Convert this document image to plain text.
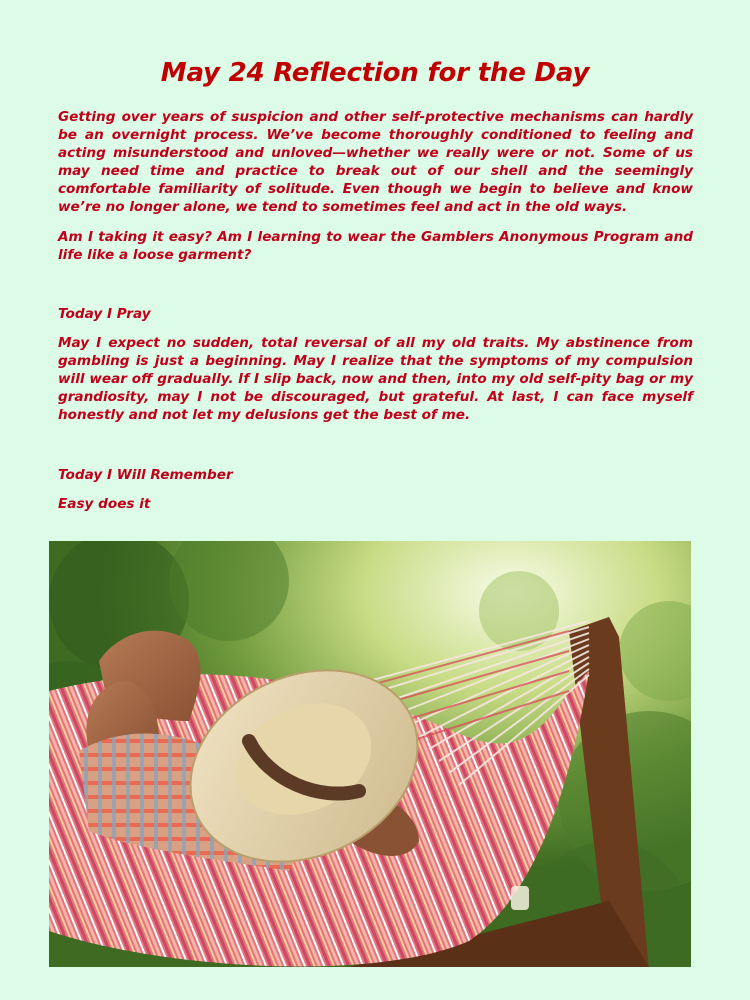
May 24 Reflection for the Day

Getting over years of suspicion and other self-protective mechanisms can hardly be an overnight process. We’ve become thoroughly conditioned to feeling and acting misunderstood and unloved—whether we really were or not. Some of us may need time and practice to break out of our shell and the seemingly comfortable familiarity of solitude. Even though we begin to believe and know we’re no longer alone, we tend to sometimes feel and act in the old ways.

Am I taking it easy? Am I learning to wear the Gamblers Anonymous Program and life like a loose garment?

Today I Pray

May I expect no sudden, total reversal of all my old traits. My abstinence from gambling is just a beginning. May I realize that the symptoms of my compulsion will wear off gradually. If I slip back, now and then, into my old self-pity bag or my grandiosity, may I not be discouraged, but grateful. At last, I can face myself honestly and not let my delusions get the best of me.

Today I Will Remember

Easy does it
